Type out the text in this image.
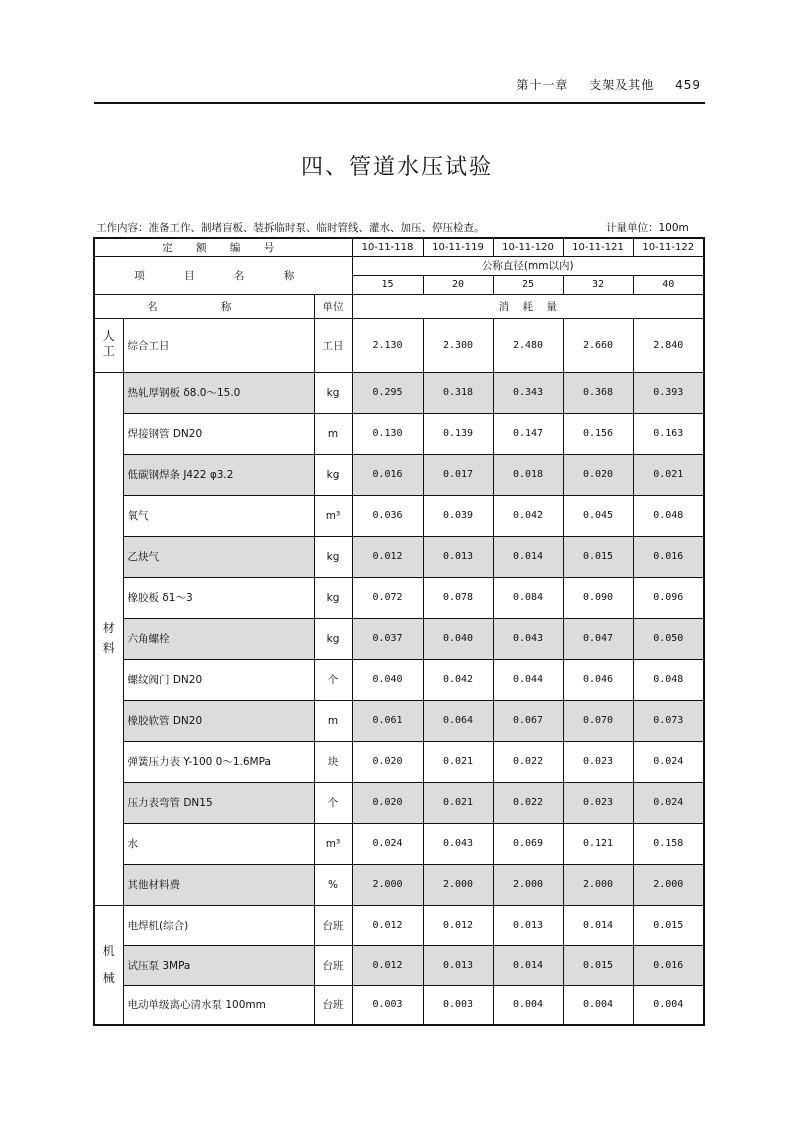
第十一章 支架及其他 459
四、管道水压试验
工作内容：准备工作、制堵盲板、装拆临时泵、临时管线、灌水、加压、停压检查。	计量单位：100m
定 额 编 号			10-11-118	10-11-119	10-11-120	10-11-121	10-11-122
项 目 名 称			公称直径(mm以内)				
			15	20	25	32	40
名 称		单位	消    耗    量				
人工	综合工日	工日	2.130	2.300	2.480	2.660	2.840

材
料	热轧厚钢板 δ8.0～15.0	kg	0.295	0.318	0.343	0.368	0.393
	焊接钢管 DN20	m	0.130	0.139	0.147	0.156	0.163
	低碳钢焊条 J422 φ3.2	kg	0.016	0.017	0.018	0.020	0.021
	氧气	m³	0.036	0.039	0.042	0.045	0.048
	乙炔气	kg	0.012	0.013	0.014	0.015	0.016
	橡胶板 δ1～3	kg	0.072	0.078	0.084	0.090	0.096
	六角螺栓	kg	0.037	0.040	0.043	0.047	0.050
	螺纹阀门 DN20	个	0.040	0.042	0.044	0.046	0.048
	橡胶软管 DN20	m	0.061	0.064	0.067	0.070	0.073
	弹簧压力表 Y-100 0～1.6MPa	块	0.020	0.021	0.022	0.023	0.024
	压力表弯管 DN15	个	0.020	0.021	0.022	0.023	0.024
	水	m³	0.024	0.043	0.069	0.121	0.158
	其他材料费	%	2.000	2.000	2.000	2.000	2.000
机械	电焊机(综合)	台班	0.012	0.012	0.013	0.014	0.015
	试压泵 3MPa	台班	0.012	0.013	0.014	0.015	0.016
	电动单级离心清水泵 100mm	台班	0.003	0.003	0.004	0.004	0.004
